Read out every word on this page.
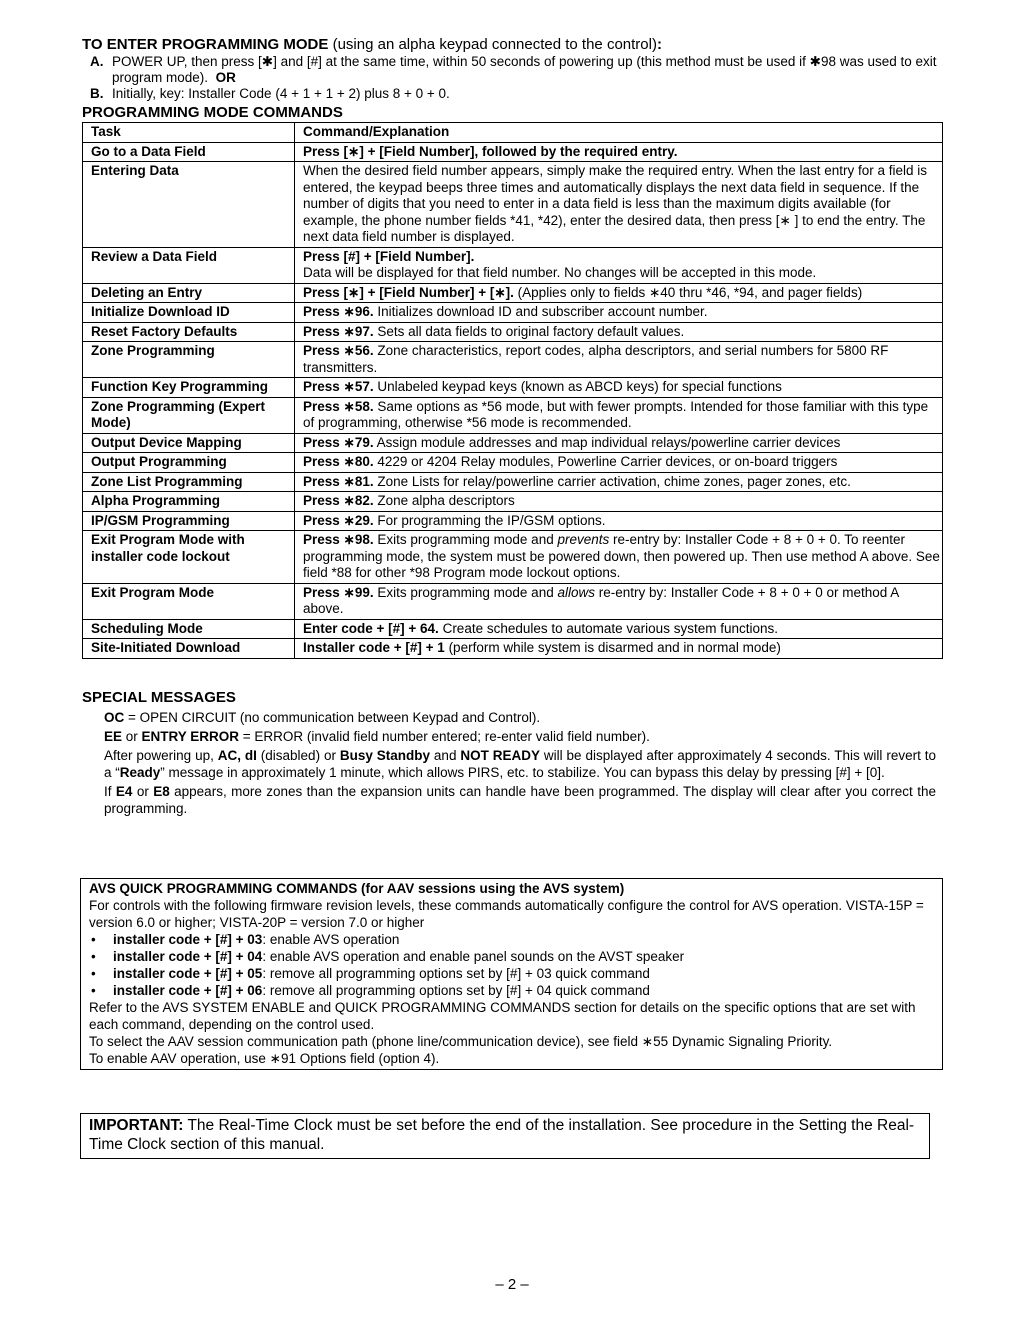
TO ENTER PROGRAMMING MODE (using an alpha keypad connected to the control):
A. POWER UP, then press [✱] and [#] at the same time, within 50 seconds of powering up (this method must be used if ✱98 was used to exit program mode). OR
B. Initially, key: Installer Code (4 + 1 + 1 + 2) plus 8 + 0 + 0.
PROGRAMMING MODE COMMANDS
Task	Command/Explanation
Go to a Data Field	Press [∗] + [Field Number], followed by the required entry.
Entering Data	When the desired field number appears, simply make the required entry. When the last entry for a field is entered, the keypad beeps three times and automatically displays the next data field in sequence. If the number of digits that you need to enter in a data field is less than the maximum digits available (for example, the phone number fields *41, *42), enter the desired data, then press [∗ ] to end the entry. The next data field number is displayed.
Review a Data Field	Press [#] + [Field Number].
Data will be displayed for that field number. No changes will be accepted in this mode.
Deleting an Entry	Press [∗] + [Field Number] + [∗]. (Applies only to fields ∗40 thru *46, *94, and pager fields)
Initialize Download ID	Press ∗96. Initializes download ID and subscriber account number.
Reset Factory Defaults	Press ∗97. Sets all data fields to original factory default values.
Zone Programming	Press ∗56. Zone characteristics, report codes, alpha descriptors, and serial numbers for 5800 RF transmitters.
Function Key Programming	Press ∗57. Unlabeled keypad keys (known as ABCD keys) for special functions
Zone Programming (Expert Mode)	Press ∗58. Same options as *56 mode, but with fewer prompts. Intended for those familiar with this type of programming, otherwise *56 mode is recommended.
Output Device Mapping	Press ∗79. Assign module addresses and map individual relays/powerline carrier devices
Output Programming	Press ∗80. 4229 or 4204 Relay modules, Powerline Carrier devices, or on-board triggers
Zone List Programming	Press ∗81. Zone Lists for relay/powerline carrier activation, chime zones, pager zones, etc.
Alpha Programming	Press ∗82. Zone alpha descriptors
IP/GSM Programming	Press ∗29. For programming the IP/GSM options.
Exit Program Mode with installer code lockout	Press ∗98. Exits programming mode and prevents re-entry by: Installer Code + 8 + 0 + 0. To reenter programming mode, the system must be powered down, then powered up. Then use method A above. See field *88 for other *98 Program mode lockout options.
Exit Program Mode	Press ∗99. Exits programming mode and allows re-entry by: Installer Code + 8 + 0 + 0 or method A above.
Scheduling Mode	Enter code + [#] + 64. Create schedules to automate various system functions.
Site-Initiated Download	Installer code + [#] + 1 (perform while system is disarmed and in normal mode)
SPECIAL MESSAGES

OC = OPEN CIRCUIT (no communication between Keypad and Control).

EE or ENTRY ERROR = ERROR (invalid field number entered; re-enter valid field number).

After powering up, AC, dI (disabled) or Busy Standby and NOT READY will be displayed after approximately 4 seconds. This will revert to a “Ready” message in approximately 1 minute, which allows PIRS, etc. to stabilize. You can bypass this delay by pressing [#] + [0].

If E4 or E8 appears, more zones than the expansion units can handle have been programmed. The display will clear after you correct the programming.

AVS QUICK PROGRAMMING COMMANDS (for AAV sessions using the AVS system)
For controls with the following firmware revision levels, these commands automatically configure the control for AVS operation. VISTA-15P = version 6.0 or higher; VISTA-20P = version 7.0 or higher
•	installer code + [#] + 03: enable AVS operation
•	installer code + [#] + 04: enable AVS operation and enable panel sounds on the AVST speaker
•	installer code + [#] + 05: remove all programming options set by [#] + 03 quick command
•	installer code + [#] + 06: remove all programming options set by [#] + 04 quick command
Refer to the AVS SYSTEM ENABLE and QUICK PROGRAMMING COMMANDS section for details on the specific options that are set with each command, depending on the control used.
To select the AAV session communication path (phone line/communication device), see field ∗55 Dynamic Signaling Priority.
To enable AAV operation, use ∗91 Options field (option 4).
IMPORTANT: The Real-Time Clock must be set before the end of the installation. See procedure in the Setting the Real-Time Clock section of this manual.
– 2 –
